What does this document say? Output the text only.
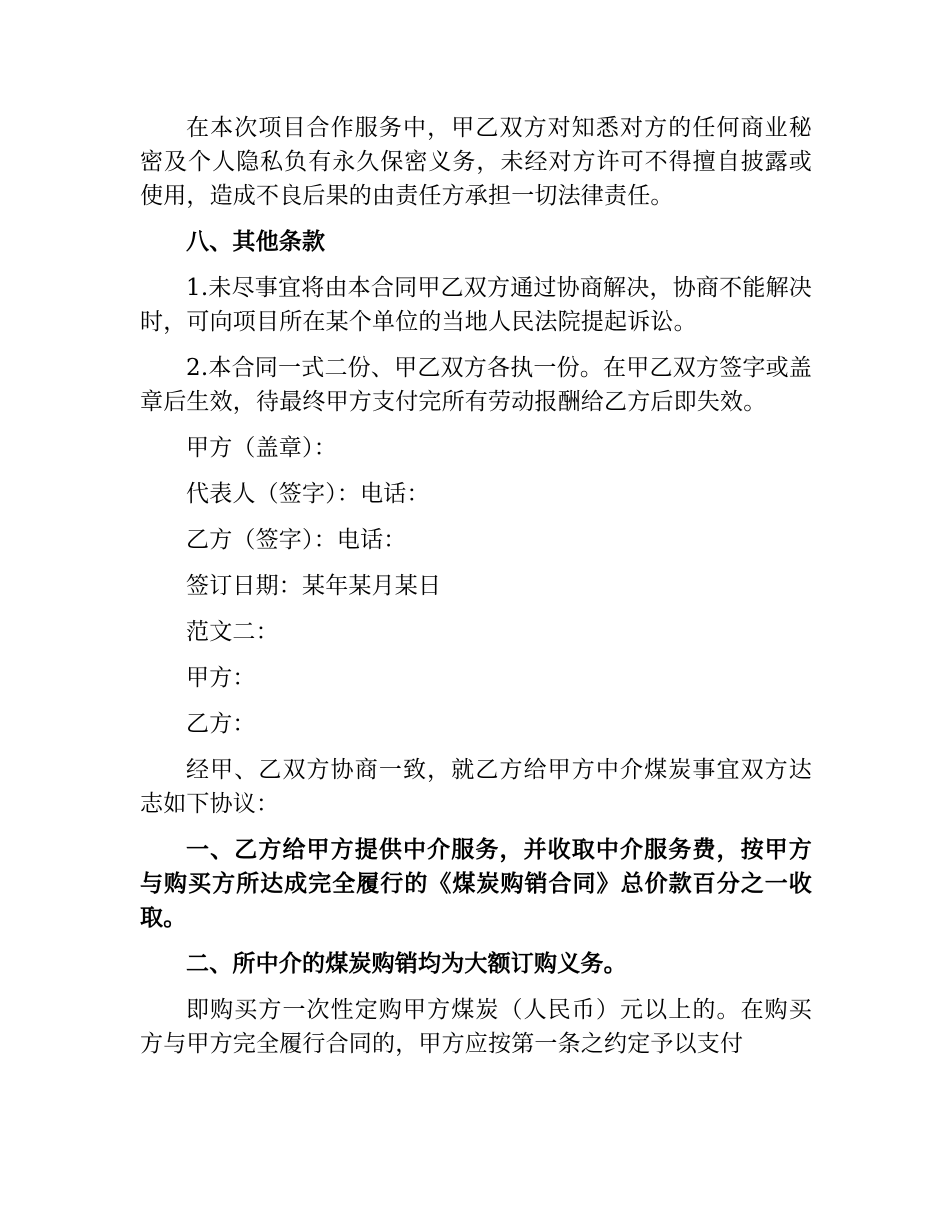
在本次项目合作服务中，甲乙双方对知悉对方的任何商业秘密及个人隐私负有永久保密义务，未经对方许可不得擅自披露或使用，造成不良后果的由责任方承担一切法律责任。

八、其他条款

1.未尽事宜将由本合同甲乙双方通过协商解决，协商不能解决时，可向项目所在某个单位的当地人民法院提起诉讼。

2.本合同一式二份、甲乙双方各执一份。在甲乙双方签字或盖章后生效，待最终甲方支付完所有劳动报酬给乙方后即失效。

甲方（盖章）：

代表人（签字）：电话：

乙方（签字）：电话：

签订日期：某年某月某日

范文二：

甲方：

乙方：

经甲、乙双方协商一致，就乙方给甲方中介煤炭事宜双方达志如下协议：

一、乙方给甲方提供中介服务，并收取中介服务费，按甲方与购买方所达成完全履行的《煤炭购销合同》总价款百分之一收取。

二、所中介的煤炭购销均为大额订购义务。

即购买方一次性定购甲方煤炭（人民币）元以上的。在购买方与甲方完全履行合同的，甲方应按第一条之约定予以支付
